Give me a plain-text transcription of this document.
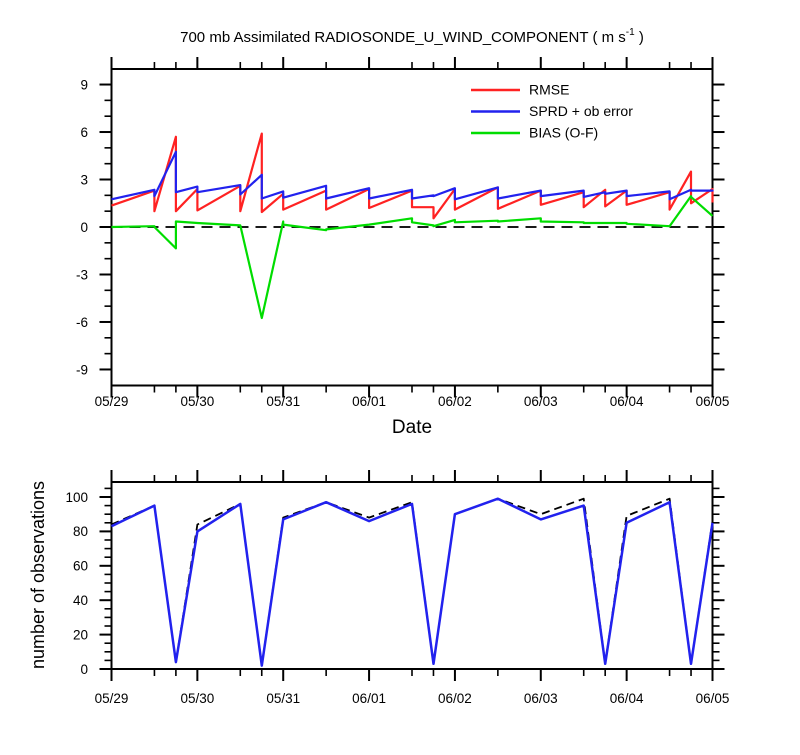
700 mb Assimilated RADIOSONDE_U_WIND_COMPONENT ( m $s^{-1}$ )
-9
-6
-3
0
3
6
9
05/29	05/30	05/31	06/01	06/02	06/03	06/04	06/05
Date
RMSE
SPRD + ob error
BIAS (O-F)
0
20
40
60
80
100
05/29	05/30	05/31	06/01	06/02	06/03	06/04	06/05
number of observations
